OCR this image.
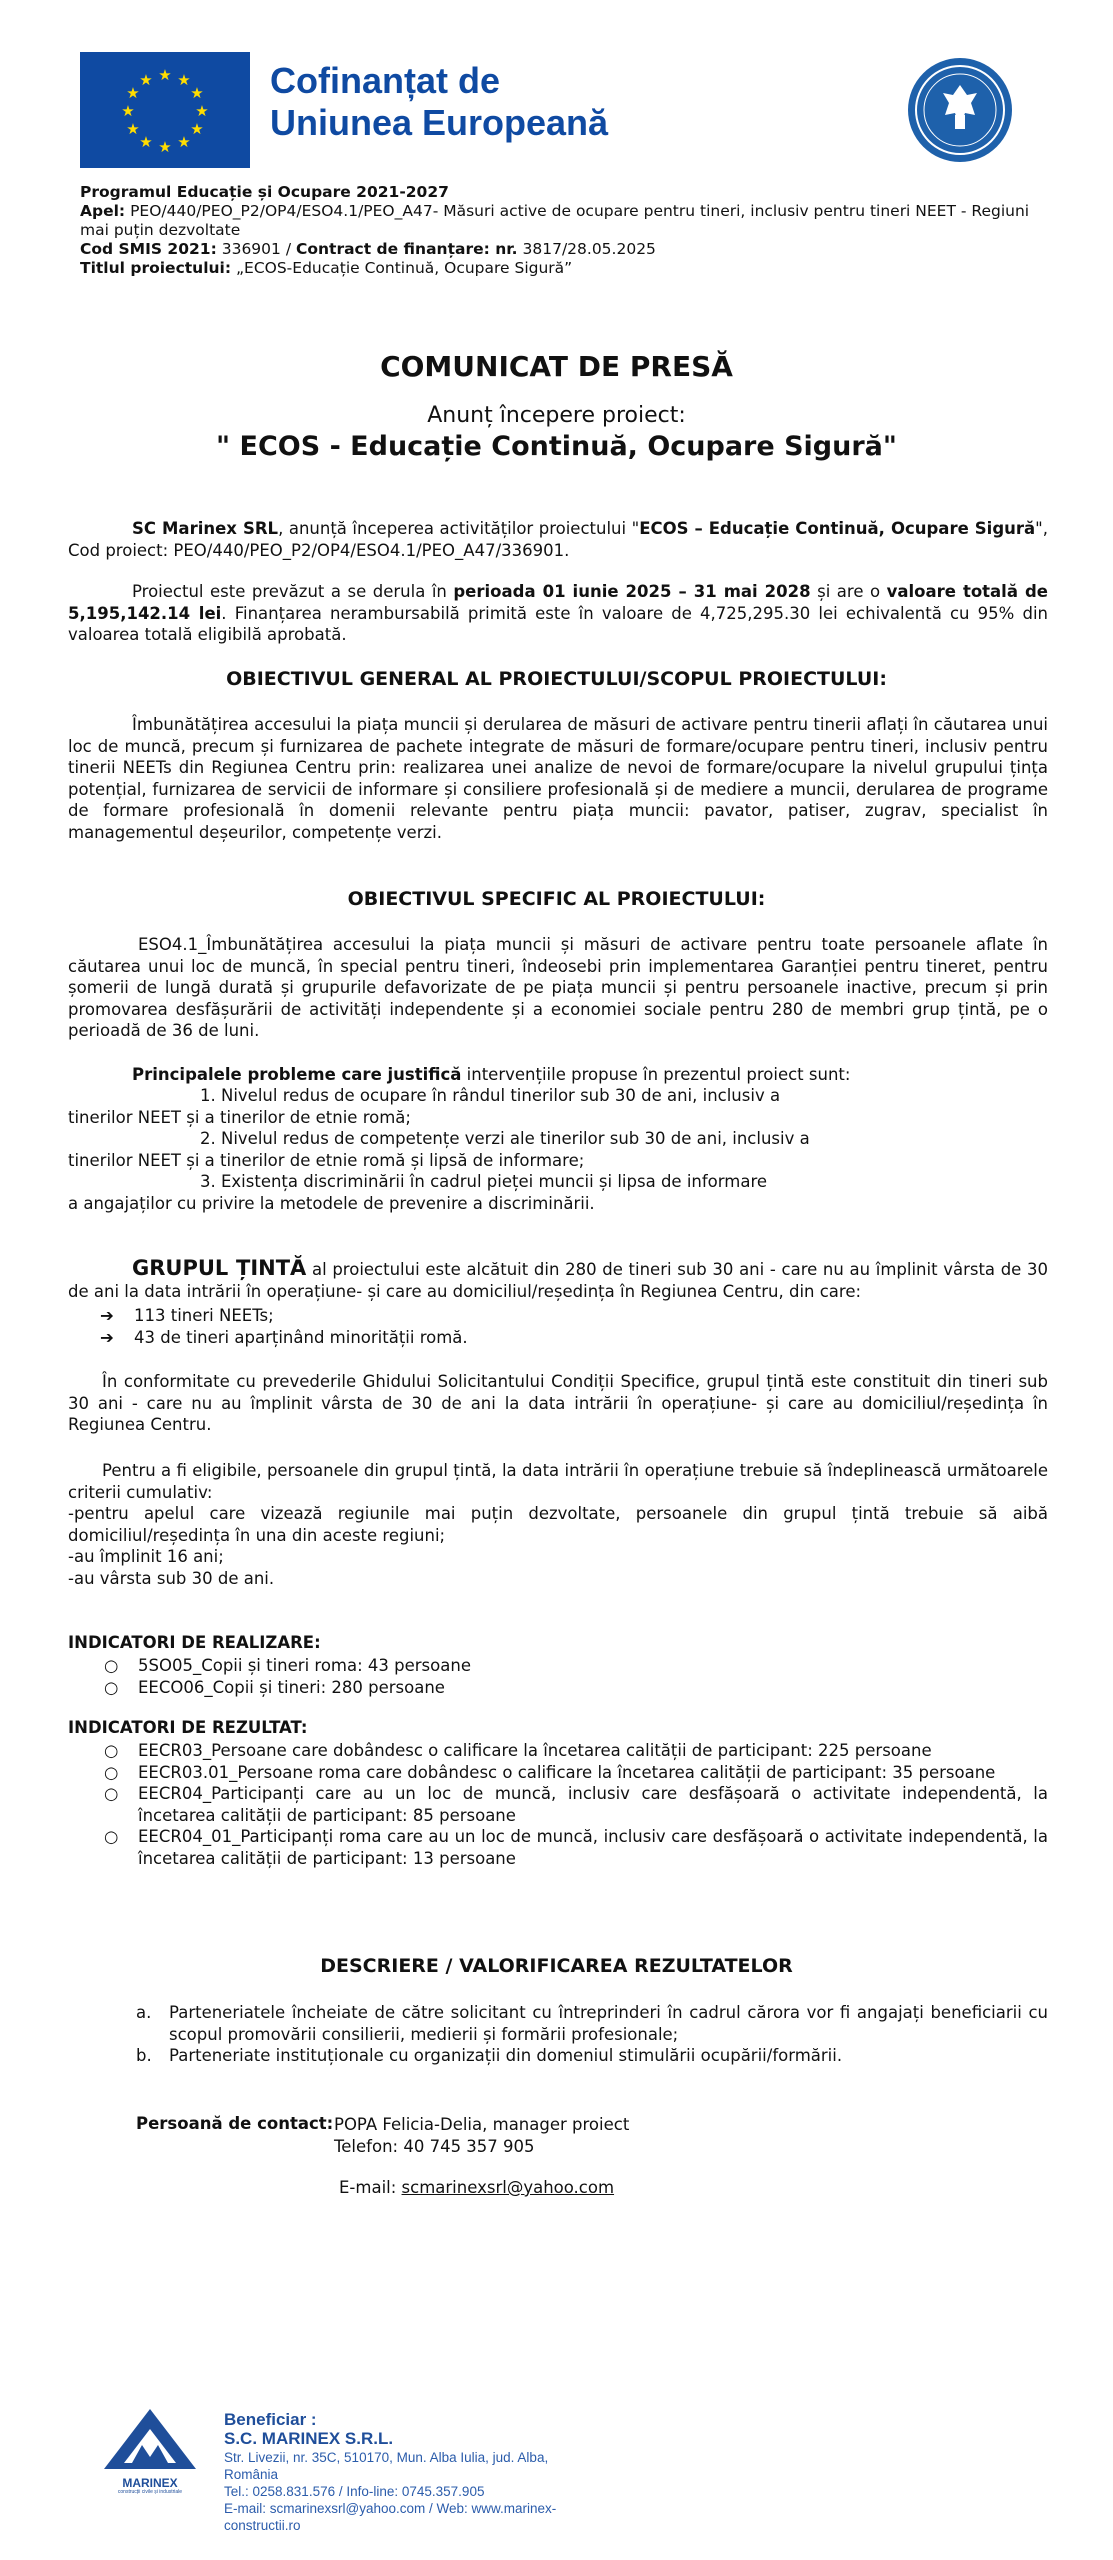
★ ★
★
★
★
★
★
★
★
★
★
★	Cofinanțat de
Uniunea Europeană
Programul Educație și Ocupare 2021-2027
Apel: PEO/440/PEO_P2/OP4/ESO4.1/PEO_A47- Măsuri active de ocupare pentru tineri, inclusiv pentru tineri NEET - Regiuni mai puțin dezvoltate
Cod SMIS 2021: 336901 / Contract de finanțare: nr. 3817/28.05.2025
Titlul proiectului: „ECOS-Educație Continuă, Ocupare Sigură”
COMUNICAT DE PRESĂ
Anunț începere proiect:
" ECOS - Educație Continuă, Ocupare Sigură"
SC Marinex SRL, anunță începerea activităților proiectului "ECOS – Educație Continuă, Ocupare Sigură", Cod proiect: PEO/440/PEO_P2/OP4/ESO4.1/PEO_A47/336901.
Proiectul este prevăzut a se derula în perioada 01 iunie 2025 – 31 mai 2028 și are o valoare totală de 5,195,142.14 lei. Finanțarea nerambursabilă primită este în valoare de 4,725,295.30 lei echivalentă cu 95% din valoarea totală eligibilă aprobată.
OBIECTIVUL GENERAL AL PROIECTULUI/SCOPUL PROIECTULUI:
Îmbunătățirea accesului la piața muncii și derularea de măsuri de activare pentru tinerii aflați în căutarea unui loc de muncă, precum și furnizarea de pachete integrate de măsuri de formare/ocupare pentru tineri, inclusiv pentru tinerii NEETs din Regiunea Centru prin: realizarea unei analize de nevoi de formare/ocupare la nivelul grupului țința potențial, furnizarea de servicii de informare și consiliere profesională și de mediere a muncii, derularea de programe de formare profesională în domenii relevante pentru piața muncii: pavator, patiser, zugrav, specialist în managementul deșeurilor, competențe verzi.
OBIECTIVUL SPECIFIC AL PROIECTULUI:
ESO4.1_Îmbunătățirea accesului la piața muncii și măsuri de activare pentru toate persoanele aflate în căutarea unui loc de muncă, în special pentru tineri, îndeosebi prin implementarea Garanției pentru tineret, pentru șomerii de lungă durată și grupurile defavorizate de pe piața muncii și pentru persoanele inactive, precum și prin promovarea desfășurării de activități independente și a economiei sociale pentru 280 de membri grup țintă, pe o perioadă de 36 de luni.
Principalele probleme care justifică intervențiile propuse în prezentul proiect sunt:
1. Nivelul redus de ocupare în rândul tinerilor sub 30 de ani, inclusiv a
tinerilor NEET și a tinerilor de etnie romă;
2. Nivelul redus de competențe verzi ale tinerilor sub 30 de ani, inclusiv a
tinerilor NEET și a tinerilor de etnie romă și lipsă de informare;
3. Existența discriminării în cadrul pieței muncii și lipsa de informare
a angajaților cu privire la metodele de prevenire a discriminării.
GRUPUL ȚINTĂ al proiectului este alcătuit din 280 de tineri sub 30 ani - care nu au împlinit vârsta de 30 de ani la data intrării în operațiune- și care au domiciliul/reședința în Regiunea Centru, din care:
➔ 113 tineri NEETs;
➔ 43 de tineri aparținând minorității romă.
În conformitate cu prevederile Ghidului Solicitantului Condiții Specifice, grupul țintă este constituit din tineri sub 30 ani - care nu au împlinit vârsta de 30 de ani la data intrării în operațiune- și care au domiciliul/reședința în Regiunea Centru.
Pentru a fi eligibile, persoanele din grupul țintă, la data intrării în operațiune trebuie să îndeplinească următoarele criterii cumulativ:
-pentru apelul care vizează regiunile mai puțin dezvoltate, persoanele din grupul țintă trebuie să aibă domiciliul/reședința în una din aceste regiuni;
-au împlinit 16 ani;
-au vârsta sub 30 de ani.
INDICATORI DE REALIZARE:
○ 5SO05_Copii și tineri roma: 43 persoane
○ EECO06_Copii și tineri: 280 persoane
INDICATORI DE REZULTAT:
○	EECR03_Persoane care dobândesc o calificare la încetarea calității de participant: 225 persoane
○	EECR03.01_Persoane roma care dobândesc o calificare la încetarea calității de participant: 35 persoane
○	EECR04_Participanți care au un loc de muncă, inclusiv care desfășoară o activitate independentă, la încetarea calității de participant: 85 persoane
○	EECR04_01_Participanți roma care au un loc de muncă, inclusiv care desfășoară o activitate independentă, la încetarea calității de participant: 13 persoane
DESCRIERE / VALORIFICAREA REZULTATELOR
a.	Parteneriatele încheiate de către solicitant cu întreprinderi în cadrul cărora vor fi angajați beneficiarii cu scopul promovării consilierii, medierii și formării profesionale;
b.	Parteneriate instituționale cu organizații din domeniul stimulării ocupării/formării.
Persoană de contact: POPA Felicia-Delia, manager proiect
Telefon: 40 745 357 905
E-mail: scmarinexsrl@yahoo.com
MARINEX
construcții civile și industriale
Beneficiar :
S.C. MARINEX S.R.L.
Str. Livezii, nr. 35C, 510170, Mun. Alba Iulia, jud. Alba,
România
Tel.: 0258.831.576 / Info-line: 0745.357.905
E-mail: scmarinexsrl@yahoo.com / Web: www.marinex-
constructii.ro
